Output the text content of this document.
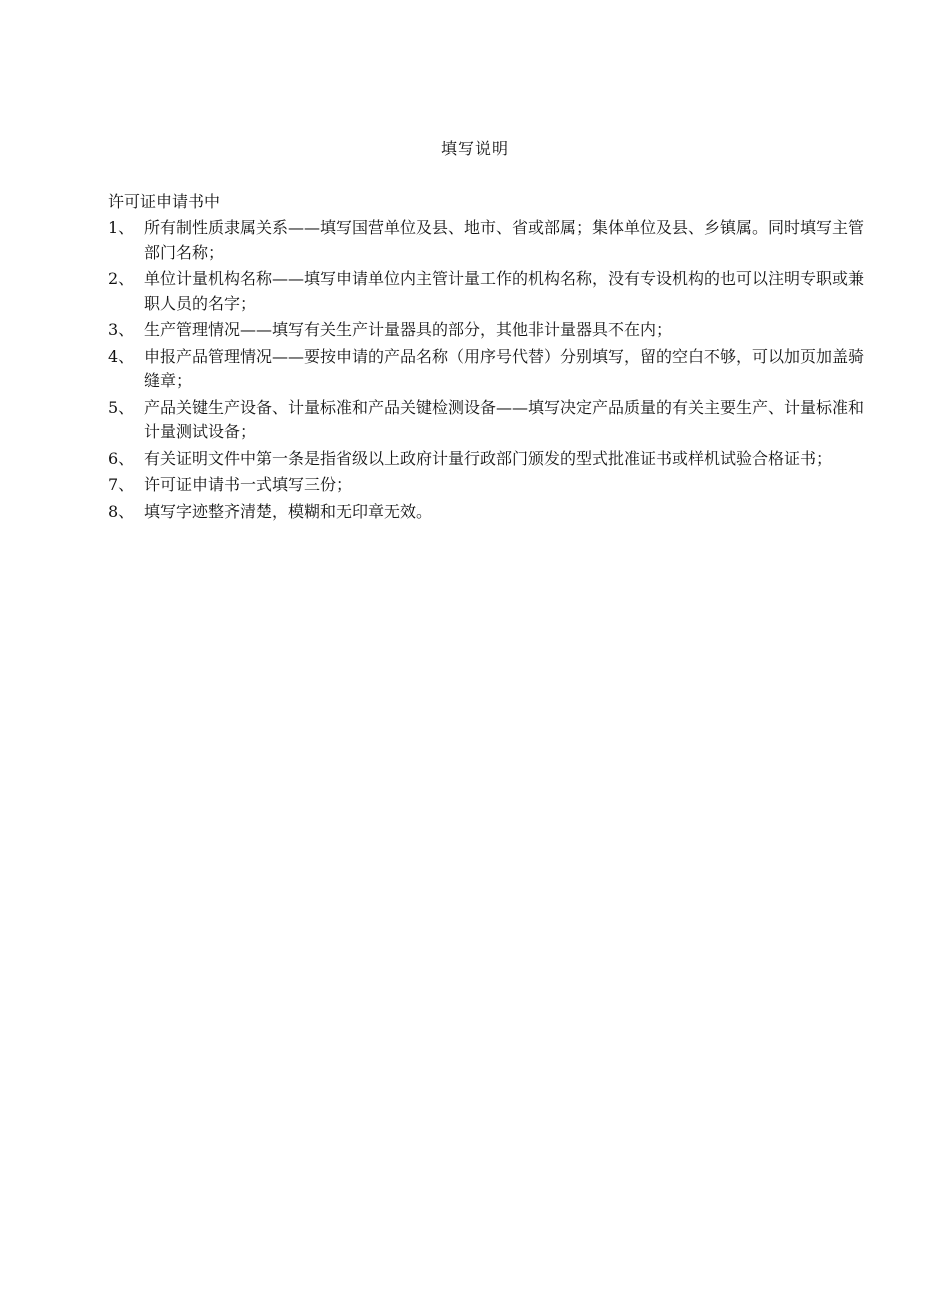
填写说明
许可证申请书中
1、 所有制性质隶属关系——填写国营单位及县、地市、省或部属；集体单位及县、乡镇属。同时填写主管部门名称；
2、 单位计量机构名称——填写申请单位内主管计量工作的机构名称，没有专设机构的也可以注明专职或兼职人员的名字；
3、 生产管理情况——填写有关生产计量器具的部分，其他非计量器具不在内；
4、 申报产品管理情况——要按申请的产品名称（用序号代替）分别填写，留的空白不够，可以加页加盖骑缝章；
5、 产品关键生产设备、计量标准和产品关键检测设备——填写决定产品质量的有关主要生产、计量标准和计量测试设备；
6、 有关证明文件中第一条是指省级以上政府计量行政部门颁发的型式批准证书或样机试验合格证书；
7、 许可证申请书一式填写三份；
8、 填写字迹整齐清楚，模糊和无印章无效。
